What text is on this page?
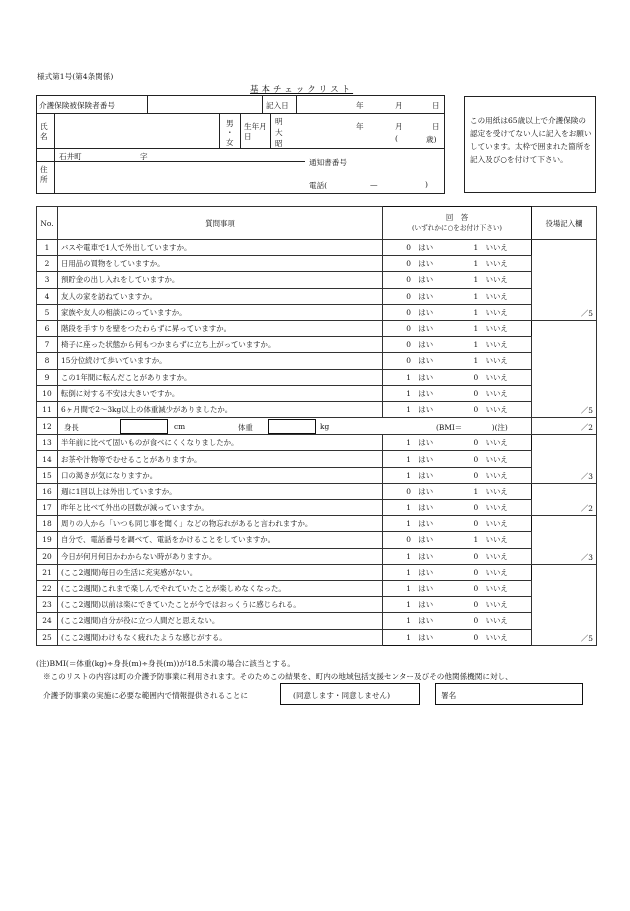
様式第1号(第4条関係)
基本チェックリスト
介護保険被保険者番号	記入日	年	月	日
氏名
男
・
女
生年月日
明
大
昭
年	月	日
(	歳)
住所
石井町	字
通知書番号
電話(	—	)
この用紙は65歳以上で介護保険の認定を受けてない人に記入をお願いしています。太枠で囲まれた箇所を記入及び○を付けて下さい。
No.	質問事項	回　答
(いずれかに○をお付け下さい)	役場記入欄
1	バスや電車で1人で外出していますか。	0　 はい 1　 いいえ	／5
2	日用品の買物をしていますか。	0　 はい 1　 いいえ	

3	預貯金の出し入れをしていますか。	0　 はい 1　 いいえ	

4	友人の家を訪ねていますか。	0　 はい 1　 いいえ	

5	家族や友人の相談にのっていますか。	0　 はい 1　 いいえ	

6	階段を手すりを壁をつたわらずに昇っていますか。	0　 はい 1　 いいえ	／5
7	椅子に座った状態から何もつかまらずに立ち上がっていますか。	0　 はい 1　 いいえ	

8	15分位続けて歩いていますか。	0　 はい 1　 いいえ	

9	この1年間に転んだことがありますか。	1　 はい 0　 いいえ	

10	転倒に対する不安は大きいですか。	1　 はい 0　 いいえ	

11	6ヶ月間で2～3kg以上の体重減少がありましたか。	1　 はい 0　 いいえ	

12	身長 cm 体重 kg (BMI＝　　　　)(注)		／2
13	半年前に比べて固いものが食べにくくなりましたか。	1　 はい 0　 いいえ	／3
14	お茶や汁物等でむせることがありますか。	1　 はい 0　 いいえ	

15	口の渇きが気になりますか。	1　 はい 0　 いいえ	

16	週に1回以上は外出していますか。	0　 はい 1　 いいえ	／2
17	昨年と比べて外出の回数が減っていますか。	1　 はい 0　 いいえ	

18	周りの人から「いつも同じ事を聞く」などの物忘れがあると言われますか。	1　 はい 0　 いいえ	／3
19	自分で、電話番号を調べて、電話をかけることをしていますか。	0　 はい 1　 いいえ	

20	今日が何月何日かわからない時がありますか。	1　 はい 0　 いいえ	

21	(ここ2週間)毎日の生活に充実感がない。	1　 はい 0　 いいえ	／5
22	(ここ2週間)これまで楽しんでやれていたことが楽しめなくなった。	1　 はい 0　 いいえ	

23	(ここ2週間)以前は楽にできていたことが今ではおっくうに感じられる。	1　 はい 0　 いいえ	

24	(ここ2週間)自分が役に立つ人間だと思えない。	1　 はい 0　 いいえ	

25	(ここ2週間)わけもなく疲れたような感じがする。	1　 はい 0　 いいえ	
(注)BMI(＝体重(kg)÷身長(m)÷身長(m))が18.5未満の場合に該当とする。
※このリストの内容は町の介護予防事業に利用されます。そのためこの結果を、町内の地域包括支援センター及びその他関係機関に対し、
介護予防事業の実施に必要な範囲内で情報提供されることに	(同意します・同意しません)	署名
